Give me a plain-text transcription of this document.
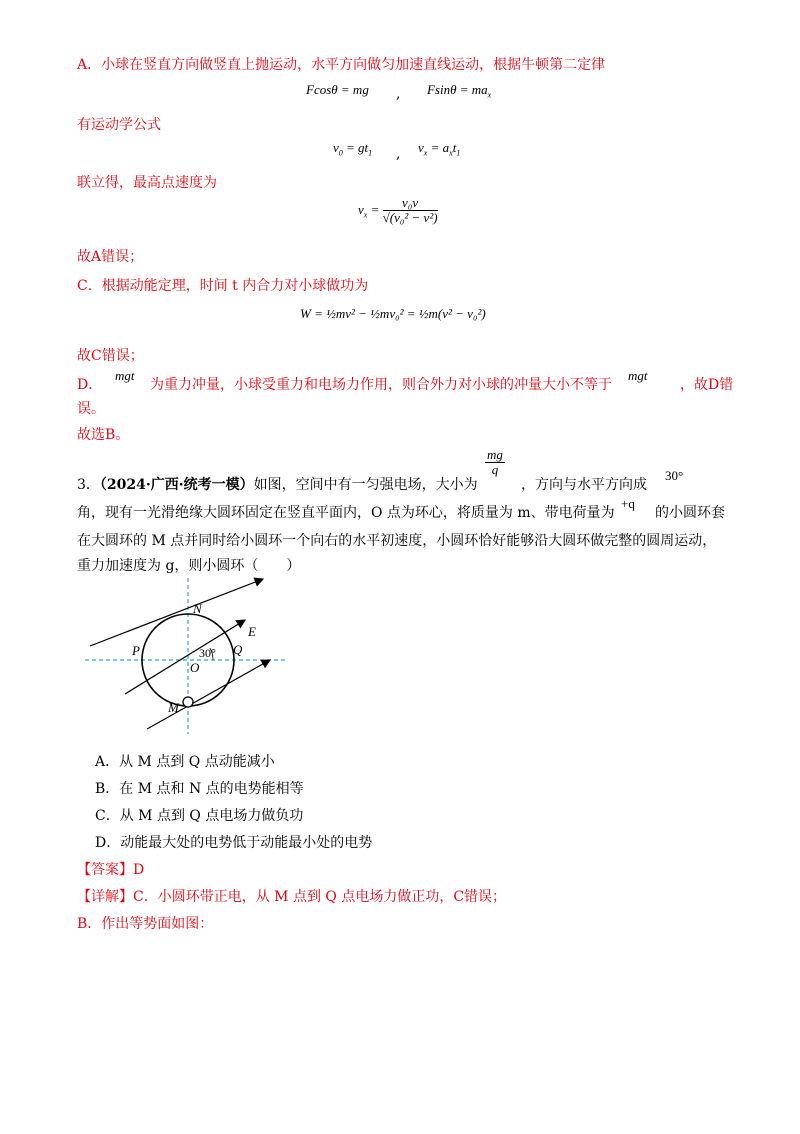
A．小球在竖直方向做竖直上抛运动，水平方向做匀加速直线运动，根据牛顿第二定律
Fcosθ = mg , $Fsin\theta = ma_x$
有运动学公式
$v_0 = gt_1$ , $v_x = a_xt_1$
联立得，最高点速度为
$v_x = \frac{\text{v₀v}}{\text{√(v₀² − v²)}}$
故A错误；
C．根据动能定理，时间 t 内合力对小球做功为
W = ½mv² − ½mv₀² = ½m(v² − v₀²)
故C错误；
D．
mgt
为重力冲量，小球受重力和电场力作用，则合外力对小球的冲量大小不等于
mgt
，故D错
误。
故选B。
3．（2024·广西·统考一模）如图，空间中有一匀强电场，大小为
$\frac{mg}{q}$
，方向与水平方向成
30°
角，现有一光滑绝缘大圆环固定在竖直平面内，O 点为环心，将质量为 m、带电荷量为
+q
的小圆环套
在大圆环的 M 点并同时给小圆环一个向右的水平初速度，小圆环恰好能够沿大圆环做完整的圆周运动，
重力加速度为 g，则小圆环（　　）
N
E
P	Q
O
30°
M
A．从 M 点到 Q 点动能减小
B．在 M 点和 N 点的电势能相等
C．从 M 点到 Q 点电场力做负功
D．动能最大处的电势低于动能最小处的电势
【答案】D
【详解】C．小圆环带正电，从 M 点到 Q 点电场力做正功，C错误；
B．作出等势面如图：
